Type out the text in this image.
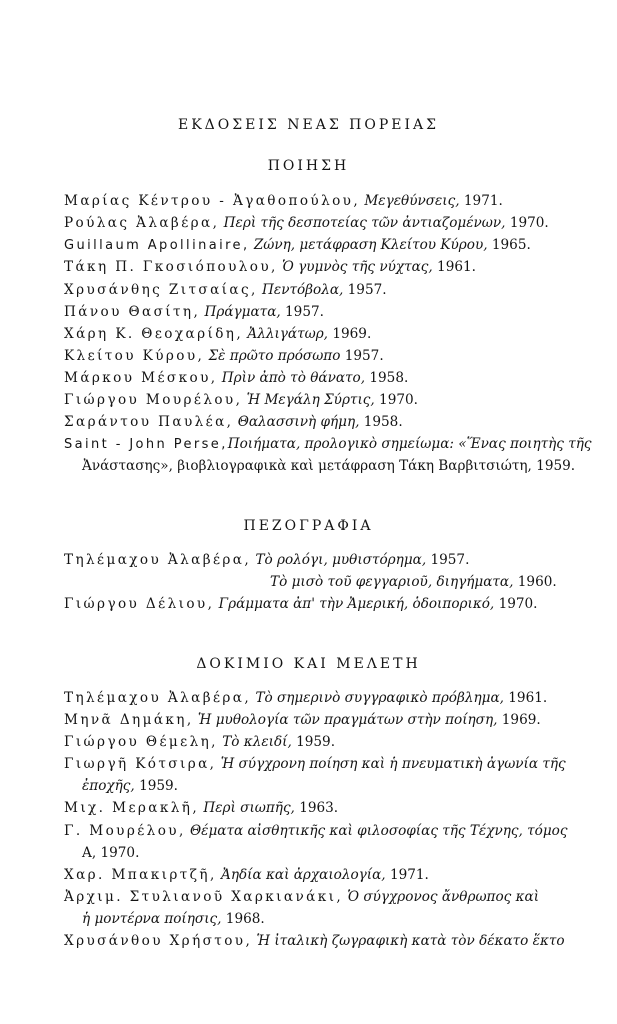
ΕΚΔΟΣΕΙΣ ΝΕΑΣ ΠΟΡΕΙΑΣ
ΠΟΙΗΣΗ
Μαρίας Κέντρου - Ἀγαθοπούλου, Μεγεθύνσεις, 1971.
Ρούλας Ἀλαβέρα, Περὶ τῆς δεσποτείας τῶν ἀντιαζομένων, 1970.
Guillaum Apollinaire, Ζώνη, μετάφραση Κλείτου Κύρου, 1965.
Τάκη Π. Γκοσιόπουλου, Ὁ γυμνὸς τῆς νύχτας, 1961.
Χρυσάνθης Ζιτσαίας, Πεντόβολα, 1957.
Πάνου Θασίτη, Πράγματα, 1957.
Χάρη Κ. Θεοχαρίδη, Ἀλλιγάτωρ, 1969.
Κλείτου Κύρου, Σὲ πρῶτο πρόσωπο 1957.
Μάρκου Μέσκου, Πρὶν ἀπὸ τὸ θάνατο, 1958.
Γιώργου Μουρέλου, Ἡ Μεγάλη Σύρτις, 1970.
Σαράντου Παυλέα, Θαλασσινὴ φήμη, 1958.
Saint - John Perse,Ποιήματα, προλογικὸ σημείωμα: «Ἕνας ποιητὴς τῆς
Ἀνάστασης», βιοβλιογραφικὰ καὶ μετάφραση Τάκη Βαρβιτσιώτη, 1959.
ΠΕΖΟΓΡΑΦΙΑ
Τηλέμαχου Ἀλαβέρα, Τὸ ρολόγι, μυθιστόρημα, 1957.
Τὸ μισὸ τοῦ φεγγαριοῦ, διηγήματα, 1960.
Γιώργου Δέλιου, Γράμματα ἀπ' τὴν Ἀμερική, ὁδοιπορικό, 1970.
ΔΟΚΙΜΙΟ ΚΑΙ ΜΕΛΕΤΗ
Τηλέμαχου Ἀλαβέρα, Τὸ σημερινὸ συγγραφικὸ πρόβλημα, 1961.
Μηνᾶ Δημάκη, Ἡ μυθολογία τῶν πραγμάτων στὴν ποίηση, 1969.
Γιώργου Θέμελη, Τὸ κλειδί, 1959.
Γιωργῆ Κότσιρα, Ἡ σύγχρονη ποίηση καὶ ἡ πνευματικὴ ἀγωνία τῆς
ἐποχῆς, 1959.
Μιχ. Μερακλῆ, Περὶ σιωπῆς, 1963.
Γ. Μουρέλου, Θέματα αἰσθητικῆς καὶ φιλοσοφίας τῆς Τέχνης, τόμος
Α, 1970.
Χαρ. Μπακιρτζῆ, Ἀηδία καὶ ἀρχαιολογία, 1971.
Ἀρχιμ. Στυλιανοῦ Χαρκιανάκι, Ὁ σύγχρονος ἄνθρωπος καὶ
ἡ μοντέρνα ποίησις, 1968.
Χρυσάνθου Χρήστου, Ἡ ἰταλικὴ ζωγραφικὴ κατὰ τὸν δέκατο ἕκτο
